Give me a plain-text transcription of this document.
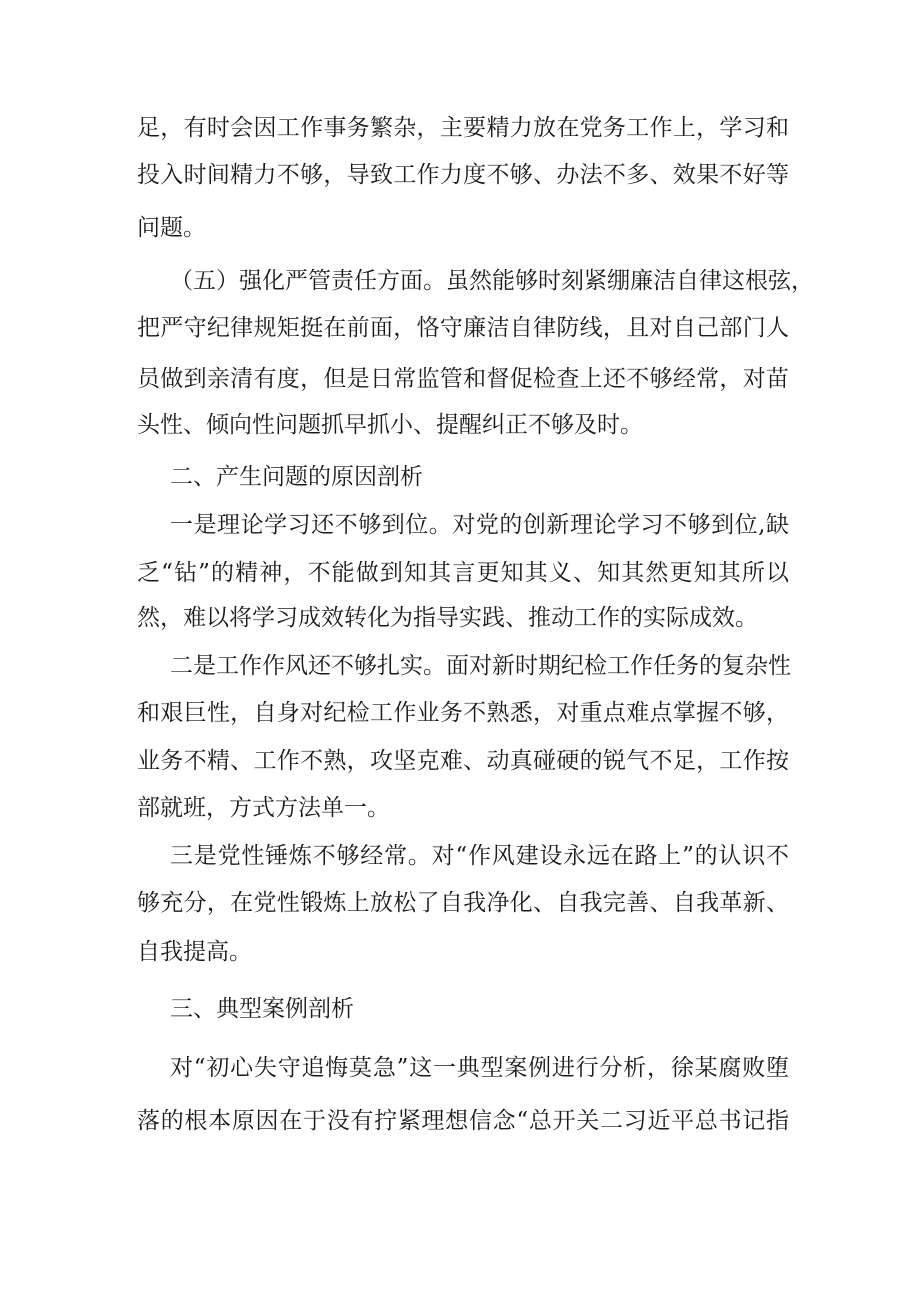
足，有时会因工作事务繁杂，主要精力放在党务工作上，学习和
投入时间精力不够，导致工作力度不够、办法不多、效果不好等
问题。
（五）强化严管责任方面。虽然能够时刻紧绷廉洁自律这根弦，
把严守纪律规矩挺在前面，恪守廉洁自律防线，且对自己部门人
员做到亲清有度，但是日常监管和督促检查上还不够经常，对苗
头性、倾向性问题抓早抓小、提醒纠正不够及时。
二、产生问题的原因剖析
一是理论学习还不够到位。对党的创新理论学习不够到位,缺
乏“钻”的精神，不能做到知其言更知其义、知其然更知其所以
然，难以将学习成效转化为指导实践、推动工作的实际成效。
二是工作作风还不够扎实。面对新时期纪检工作任务的复杂性
和艰巨性，自身对纪检工作业务不熟悉，对重点难点掌握不够，
业务不精、工作不熟，攻坚克难、动真碰硬的锐气不足，工作按
部就班，方式方法单一。
三是党性锤炼不够经常。对“作风建设永远在路上”的认识不
够充分，在党性锻炼上放松了自我净化、自我完善、自我革新、
自我提高。
三、典型案例剖析
对“初心失守追悔莫急”这一典型案例进行分析，徐某腐败堕
落的根本原因在于没有拧紧理想信念“总开关二习近平总书记指
